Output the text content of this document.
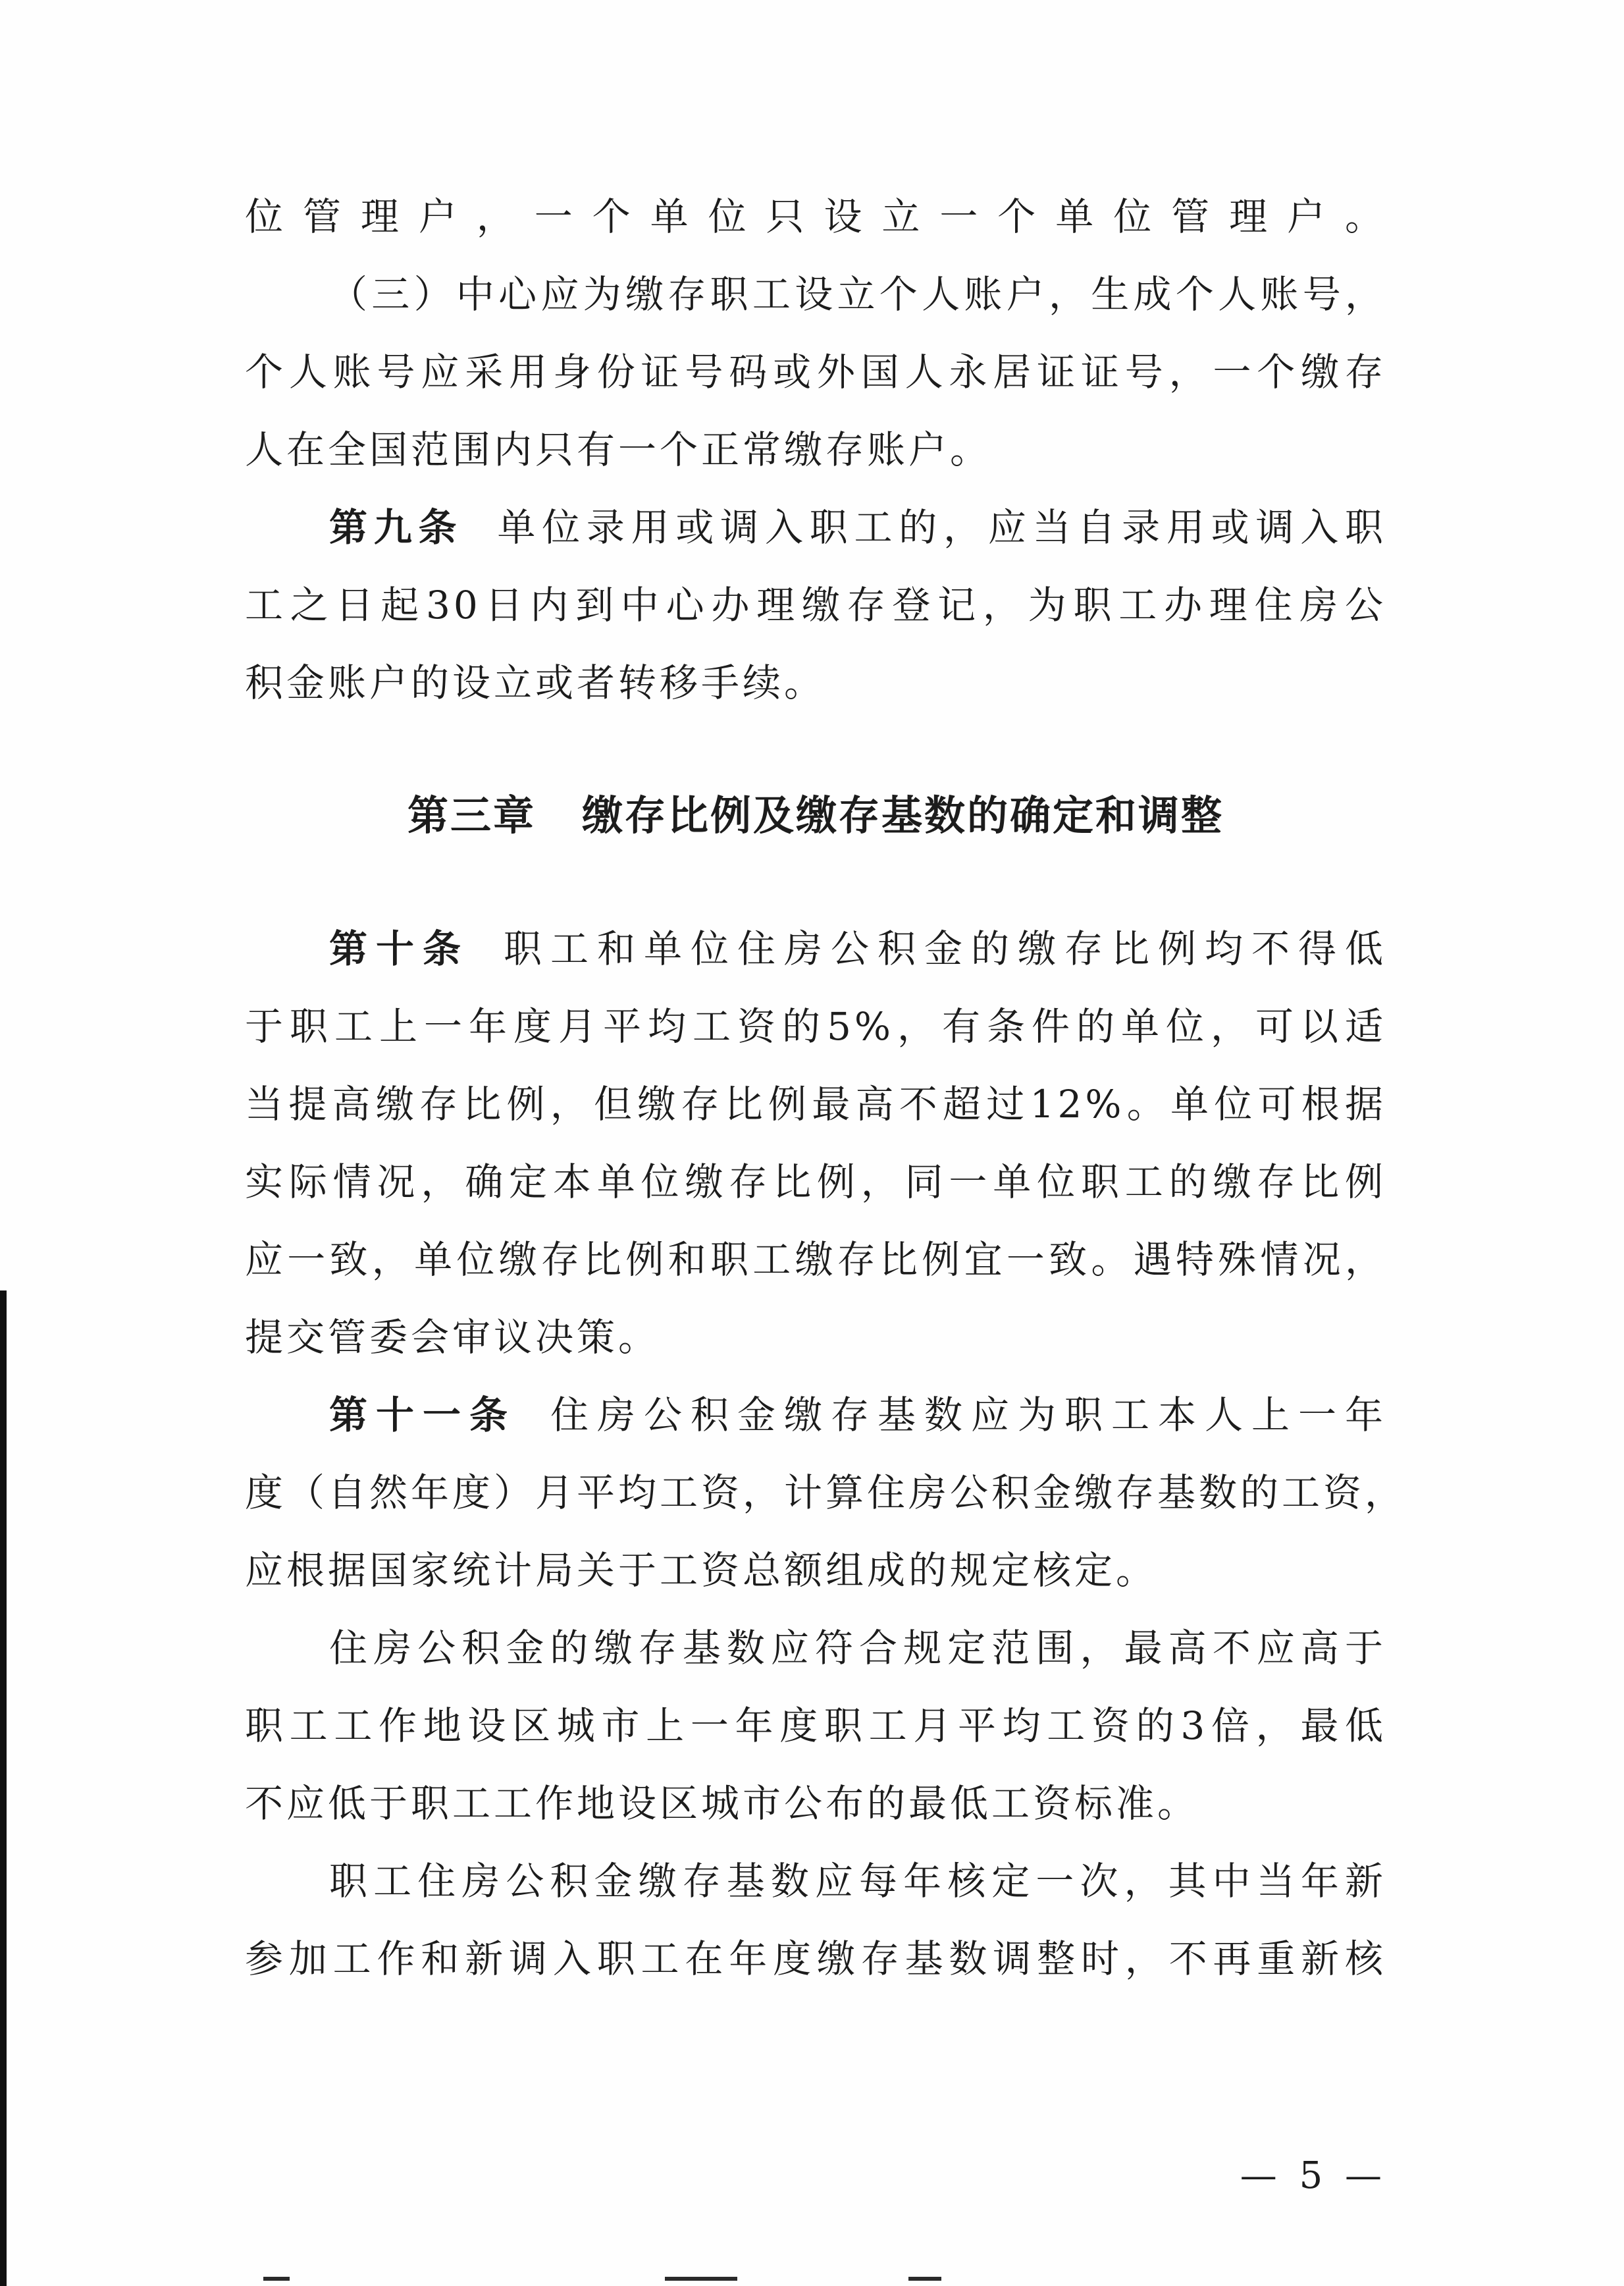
位管理户，一个单位只设立一个单位管理户。
（三）中心应为缴存职工设立个人账户，生成个人账号，
个人账号应采用身份证号码或外国人永居证证号，一个缴存
人在全国范围内只有一个正常缴存账户。
第九条 单位录用或调入职工的，应当自录用或调入职
工之日起30日内到中心办理缴存登记，为职工办理住房公
积金账户的设立或者转移手续。
第三章 缴存比例及缴存基数的确定和调整
第十条 职工和单位住房公积金的缴存比例均不得低
于职工上一年度月平均工资的5%，有条件的单位，可以适
当提高缴存比例，但缴存比例最高不超过12%。单位可根据
实际情况，确定本单位缴存比例，同一单位职工的缴存比例
应一致，单位缴存比例和职工缴存比例宜一致。遇特殊情况，
提交管委会审议决策。
第十一条 住房公积金缴存基数应为职工本人上一年
度（自然年度）月平均工资，计算住房公积金缴存基数的工资，
应根据国家统计局关于工资总额组成的规定核定。
住房公积金的缴存基数应符合规定范围，最高不应高于
职工工作地设区城市上一年度职工月平均工资的3倍，最低
不应低于职工工作地设区城市公布的最低工资标准。
职工住房公积金缴存基数应每年核定一次，其中当年新
参加工作和新调入职工在年度缴存基数调整时，不再重新核
— 5 —
